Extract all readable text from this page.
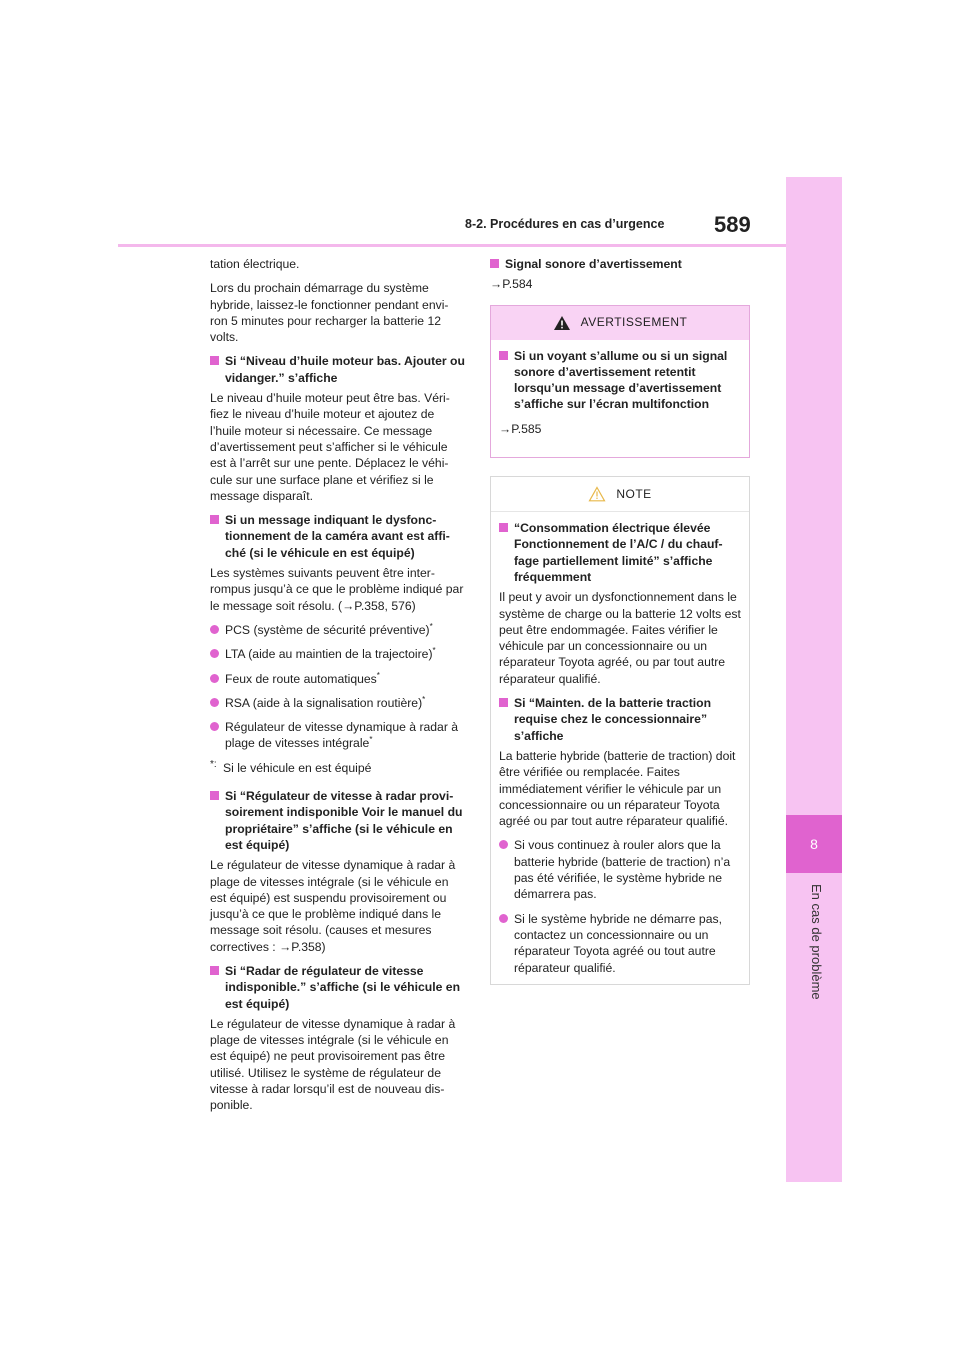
8
En cas de problème
8-2. Procédures en cas d’urgence 589

tation électrique.

Lors du prochain démarrage du système hybride, laissez-le fonctionner pendant envi- ron 5 minutes pour recharger la batterie 12 volts.

Si “Niveau d’huile moteur bas. Ajouter ou vidanger.” s’affiche

Le niveau d’huile moteur peut être bas. Véri- fiez le niveau d’huile moteur et ajoutez de l’huile moteur si nécessaire. Ce message d’avertissement peut s’afficher si le véhicule est à l’arrêt sur une pente. Déplacez le véhi- cule sur une surface plane et vérifiez si le message disparaît.

Si un message indiquant le dysfonc- tionnement de la caméra avant est affi- ché (si le véhicule en est équipé)

Les systèmes suivants peuvent être inter- rompus jusqu’à ce que le problème indiqué par le message soit résolu. (→P.358, 576)

PCS (système de sécurité préventive)*
LTA (aide au maintien de la trajectoire)*
Feux de route automatiques*
RSA (aide à la signalisation routière)*
Régulateur de vitesse dynamique à radar à plage de vitesses intégrale*
*: Si le véhicule en est équipé
Si “Régulateur de vitesse à radar provi- soirement indisponible Voir le manuel du propriétaire” s’affiche (si le véhicule en est équipé)

Le régulateur de vitesse dynamique à radar à plage de vitesses intégrale (si le véhicule en est équipé) est suspendu provisoirement ou jusqu’à ce que le problème indiqué dans le message soit résolu. (causes et mesures correctives : →P.358)

Si “Radar de régulateur de vitesse indisponible.” s’affiche (si le véhicule en est équipé)

Le régulateur de vitesse dynamique à radar à plage de vitesses intégrale (si le véhicule en est équipé) ne peut provisoirement pas être utilisé. Utilisez le système de régulateur de vitesse à radar lorsqu’il est de nouveau dis- ponible.

Signal sonore d’avertissement

→P.584

AVERTISSEMENT
Si un voyant s’allume ou si un signal sonore d’avertissement retentit lorsqu’un message d’avertissement s’affiche sur l’écran multifonction

→P.585

NOTE
“Consommation électrique élevée Fonctionnement de l’A/C / du chauf- fage partiellement limité” s’affiche fréquemment

Il peut y avoir un dysfonctionnement dans le système de charge ou la batterie 12 volts est peut être endommagée. Faites vérifier le véhicule par un concessionnaire ou un réparateur Toyota agréé, ou par tout autre réparateur qualifié.

Si “Mainten. de la batterie traction requise chez le concessionnaire” s’affiche

La batterie hybride (batterie de traction) doit être vérifiée ou remplacée. Faites immédiatement vérifier le véhicule par un concessionnaire ou un réparateur Toyota agréé ou par tout autre réparateur qualifié.

Si vous continuez à rouler alors que la batterie hybride (batterie de traction) n’a pas été vérifiée, le système hybride ne démarrera pas.
Si le système hybride ne démarre pas, contactez un concessionnaire ou un réparateur Toyota agréé ou tout autre réparateur qualifié.
